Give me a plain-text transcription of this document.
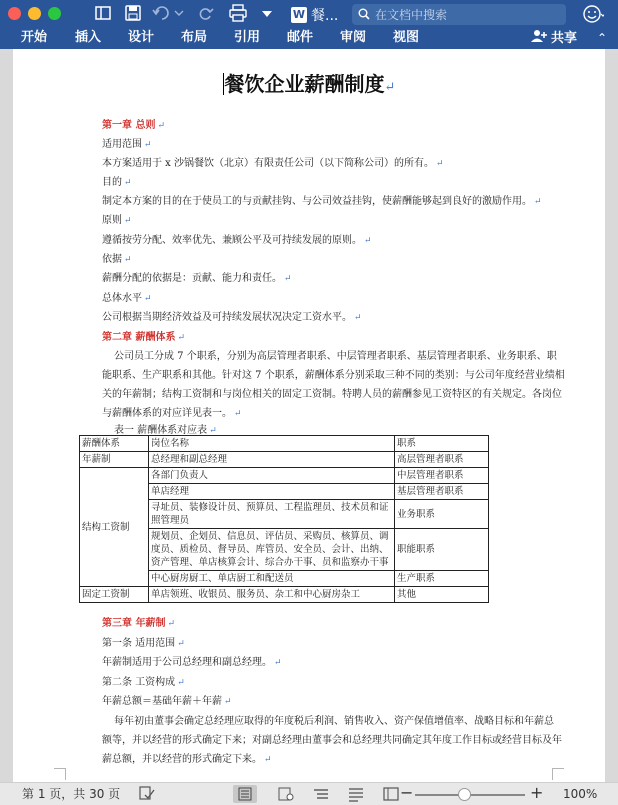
W 餐...
在文档中搜索
开始 插入 设计 布局 引用 邮件 审阅 视图	共享 ⌃
餐饮企业薪酬制度↵
第一章 总则 ↵
适用范围 ↵
本方案适用于 x 沙锅餐饮（北京）有限责任公司（以下简称公司）的所有。 ↵
目的 ↵
制定本方案的目的在于使员工的与贡献挂钩、与公司效益挂钩，使薪酬能够起到良好的激励作用。 ↵
原则 ↵
遵循按劳分配、效率优先、兼顾公平及可持续发展的原则。 ↵
依据 ↵
薪酬分配的依据是：贡献、能力和责任。 ↵
总体水平 ↵
公司根据当期经济效益及可持续发展状况决定工资水平。 ↵
第二章 薪酬体系 ↵
公司员工分成 7 个职系，分别为高层管理者职系、中层管理者职系、基层管理者职系、业务职系、职
能职系、生产职系和其他。针对这 7 个职系，薪酬体系分别采取三种不同的类别：与公司年度经营业绩相
关的年薪制；结构工资制和与岗位相关的固定工资制。特聘人员的薪酬参见工资特区的有关规定。各岗位
与薪酬体系的对应详见表一。 ↵
表一 薪酬体系对应表 ↵
薪酬体系	岗位名称	职系
年薪制	总经理和副总经理	高层管理者职系
结构工资制	各部门负责人	中层管理者职系
	单店经理	基层管理者职系
	寻址员、装修设计员、预算员、工程监理员、技术员和证照管理员	业务职系
	规划员、企划员、信息员、评估员、采购员、核算员、调度员、质检员、督导员、库管员、安全员、会计、出纳、资产管理、单店核算会计、综合办干事、员和监察办干事	职能职系
	中心厨房厨工、单店厨工和配送员	生产职系
固定工资制	单店领班、收银员、服务员、杂工和中心厨房杂工	其他
第三章 年薪制 ↵
第一条 适用范围 ↵
年薪制适用于公司总经理和副总经理。 ↵
第二条 工资构成 ↵
年薪总额＝基础年薪＋年薪 ↵
每年初由董事会确定总经理应取得的年度税后利润、销售收入、资产保值增值率、战略目标和年薪总
额等，并以经营的形式确定下来；对副总经理由董事会和总经理共同确定其年度工作目标或经营目标及年
薪总额，并以经营的形式确定下来。 ↵
第 1 页，共 30 页	−	+ 100%
